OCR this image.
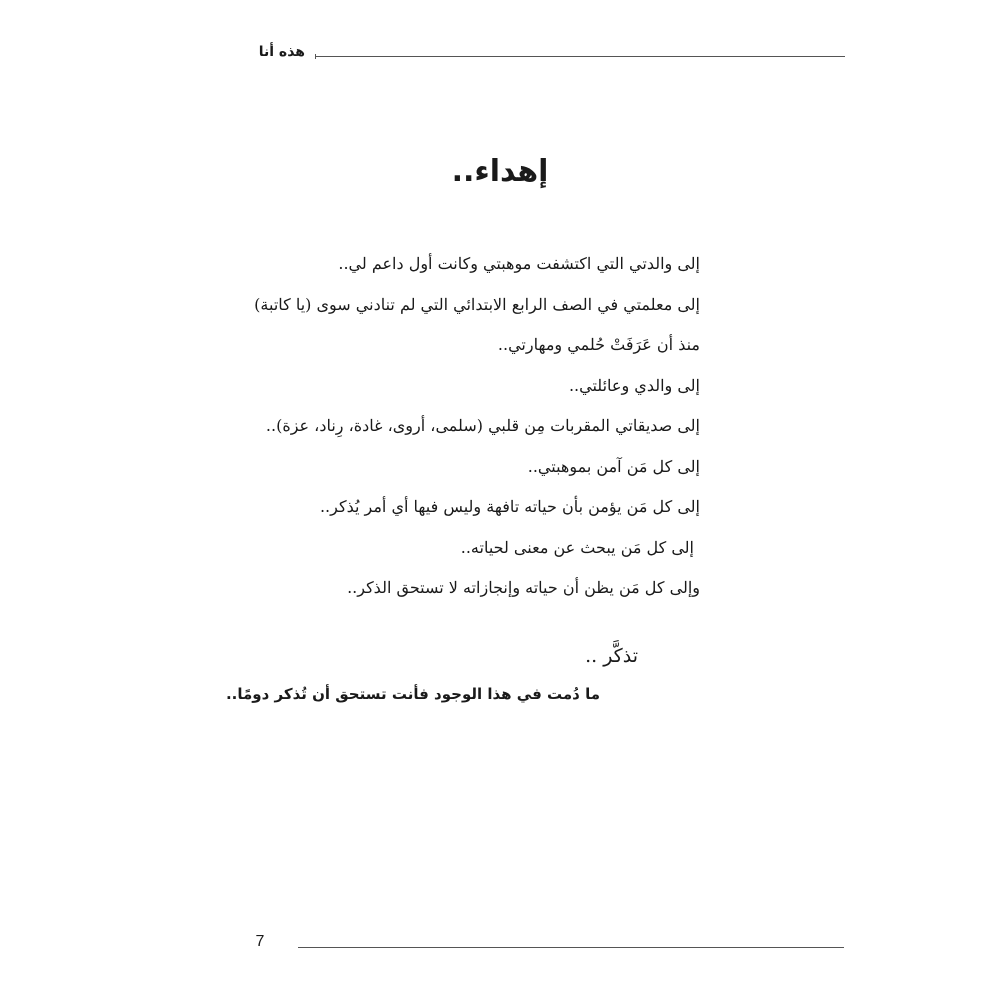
هذه أنا
إهداء..
إلى والدتي التي اكتشفت موهبتي وكانت أول داعم لي..
إلى معلمتي في الصف الرابع الابتدائي التي لم تنادني سوى (يا كاتبة)
منذ أن عَرَفَتْ حُلمي ومهارتي..
إلى والدي وعائلتي..
إلى صديقاتي المقربات مِن قلبي (سلمى، أروى، غادة، رِناد، عزة)..
إلى كل مَن آمن بموهبتي..
إلى كل مَن يؤمن بأن حياته تافهة وليس فيها أي أمر يُذكر..
إلى كل مَن يبحث عن معنى لحياته..
وإلى كل مَن يظن أن حياته وإنجازاته لا تستحق الذكر..
تذكَّر ..
ما دُمت في هذا الوجود فأنت تستحق أن تُذكر دومًا..
7
